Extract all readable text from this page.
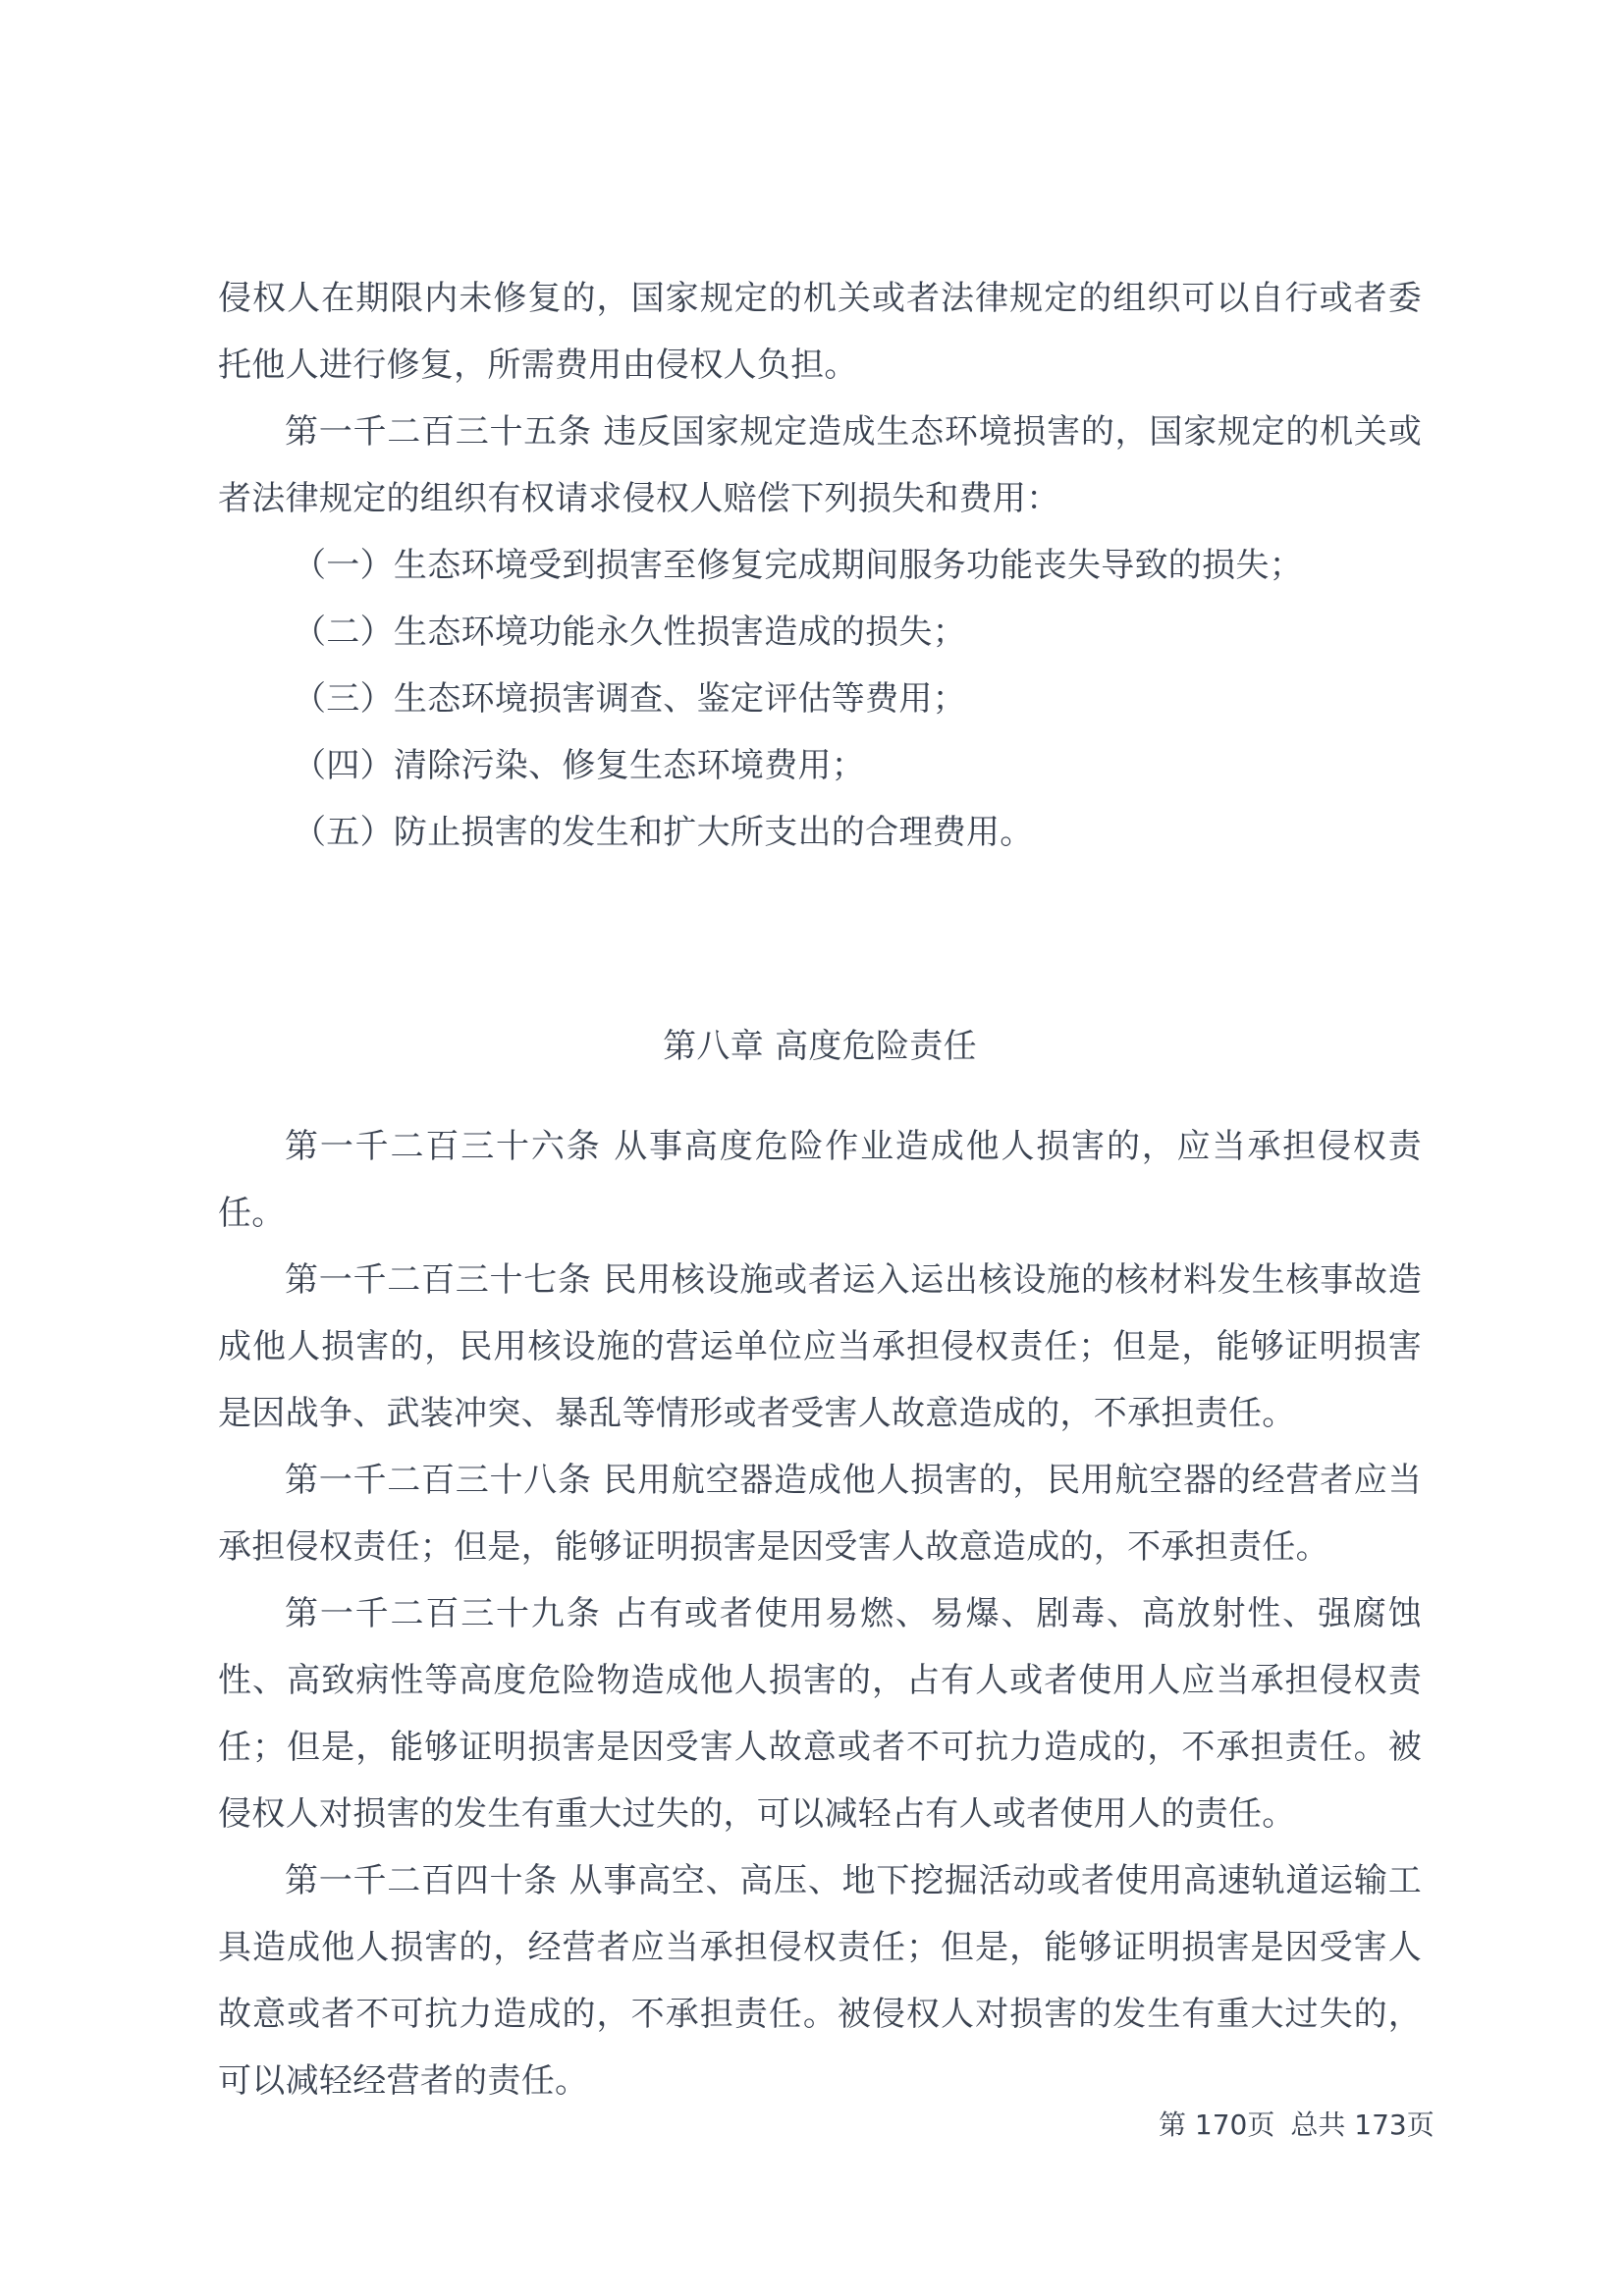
侵权人在期限内未修复的，国家规定的机关或者法律规定的组织可以自行或者委托他人进行修复，所需费用由侵权人负担。

第一千二百三十五条 违反国家规定造成生态环境损害的，国家规定的机关或者法律规定的组织有权请求侵权人赔偿下列损失和费用：

（一）生态环境受到损害至修复完成期间服务功能丧失导致的损失；

（二）生态环境功能永久性损害造成的损失；

（三）生态环境损害调查、鉴定评估等费用；

（四）清除污染、修复生态环境费用；

（五）防止损害的发生和扩大所支出的合理费用。

第八章 高度危险责任

第一千二百三十六条 从事高度危险作业造成他人损害的，应当承担侵权责任。

第一千二百三十七条 民用核设施或者运入运出核设施的核材料发生核事故造成他人损害的，民用核设施的营运单位应当承担侵权责任；但是，能够证明损害是因战争、武装冲突、暴乱等情形或者受害人故意造成的，不承担责任。

第一千二百三十八条 民用航空器造成他人损害的，民用航空器的经营者应当承担侵权责任；但是，能够证明损害是因受害人故意造成的，不承担责任。

第一千二百三十九条 占有或者使用易燃、易爆、剧毒、高放射性、强腐蚀性、高致病性等高度危险物造成他人损害的，占有人或者使用人应当承担侵权责任；但是，能够证明损害是因受害人故意或者不可抗力造成的，不承担责任。被侵权人对损害的发生有重大过失的，可以减轻占有人或者使用人的责任。

第一千二百四十条 从事高空、高压、地下挖掘活动或者使用高速轨道运输工具造成他人损害的，经营者应当承担侵权责任；但是，能够证明损害是因受害人故意或者不可抗力造成的，不承担责任。被侵权人对损害的发生有重大过失的，可以减轻经营者的责任。

第 170页 总共 173页
